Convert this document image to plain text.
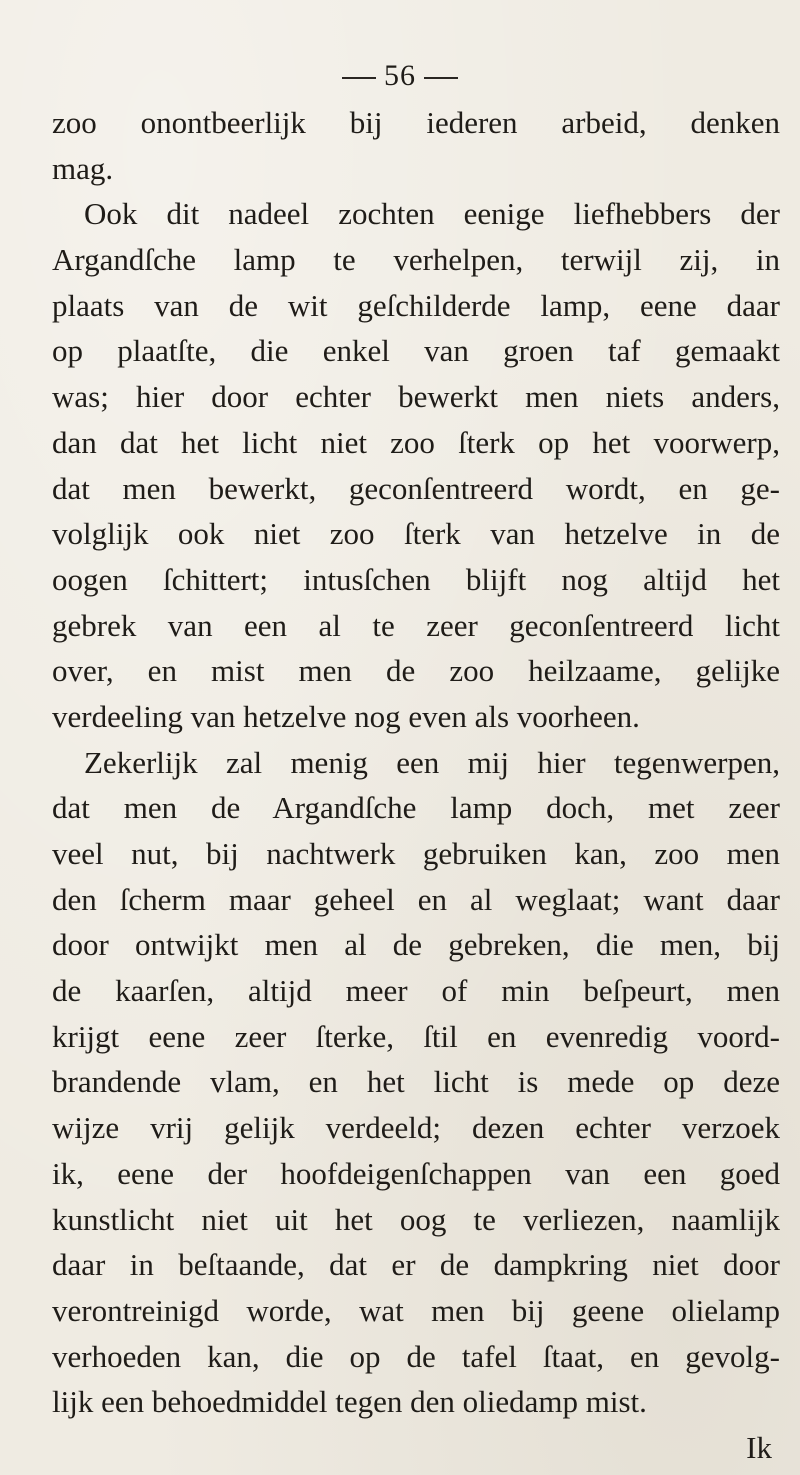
56
zoo onontbeerlijk bij iederen arbeid, denken
mag.
Ook dit nadeel zochten eenige liefhebbers der
Argandſche lamp te verhelpen, terwijl zij, in
plaats van de wit geſchilderde lamp, eene daar
op plaatſte, die enkel van groen taf gemaakt
was; hier door echter bewerkt men niets anders,
dan dat het licht niet zoo ſterk op het voorwerp,
dat men bewerkt, geconſentreerd wordt, en ge-
volglijk ook niet zoo ſterk van hetzelve in de
oogen ſchittert; intusſchen blijft nog altijd het
gebrek van een al te zeer geconſentreerd licht
over, en mist men de zoo heilzaame, gelijke
verdeeling van hetzelve nog even als voorheen.
Zekerlijk zal menig een mij hier tegenwerpen,
dat men de Argandſche lamp doch, met zeer
veel nut, bij nachtwerk gebruiken kan, zoo men
den ſcherm maar geheel en al weglaat; want daar
door ontwijkt men al de gebreken, die men, bij
de kaarſen, altijd meer of min beſpeurt, men
krijgt eene zeer ſterke, ſtil en evenredig voord-
brandende vlam, en het licht is mede op deze
wijze vrij gelijk verdeeld; dezen echter verzoek
ik, eene der hoofdeigenſchappen van een goed
kunstlicht niet uit het oog te verliezen, naamlijk
daar in beſtaande, dat er de dampkring niet door
verontreinigd worde, wat men bij geene olielamp
verhoeden kan, die op de tafel ſtaat, en gevolg-
lijk een behoedmiddel tegen den oliedamp mist.
Ik
